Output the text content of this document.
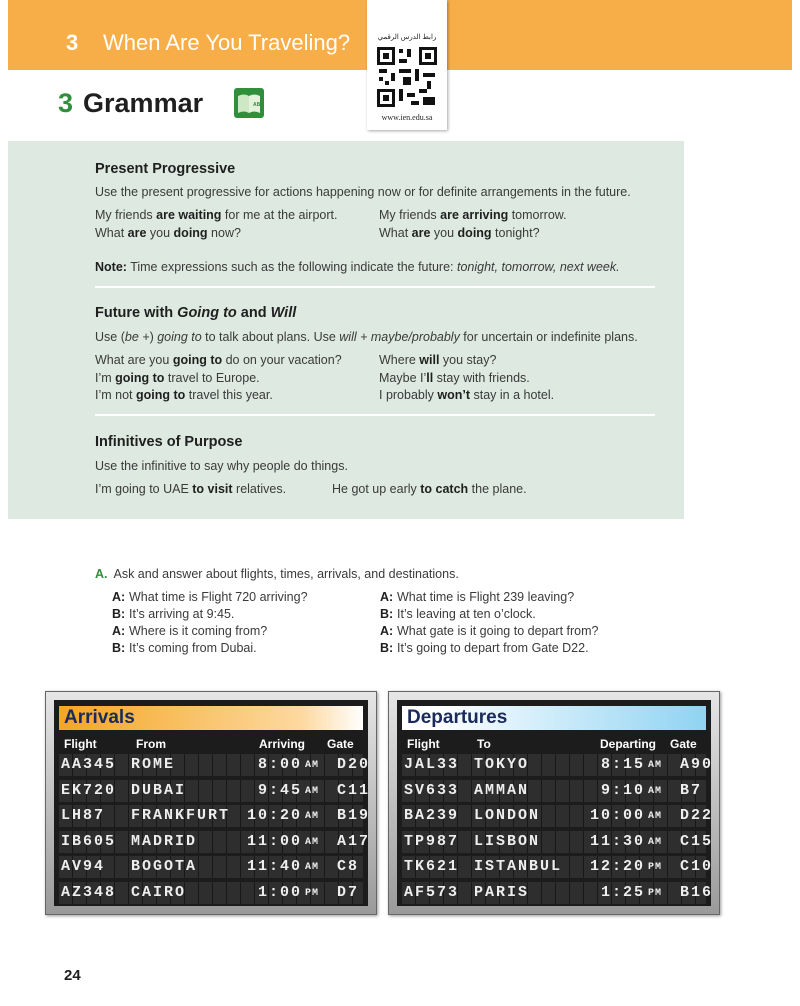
3 When Are You Traveling?	رابط الدرس الرقمي
www.ien.edu.sa
3 Grammar	ABC
Present Progressive
Use the present progressive for actions happening now or for definite arrangements in the future.
My friends are waiting for me at the airport.
What are you doing now?
My friends are arriving tomorrow.
What are you doing tonight?
Note: Time expressions such as the following indicate the future: tonight, tomorrow, next week.
Future with Going to and Will
Use (be +) going to to talk about plans. Use will + maybe/probably for uncertain or indefinite plans.
What are you going to do on your vacation?
I’m going to travel to Europe.
I’m not going to travel this year.
Where will you stay?
Maybe I’ll stay with friends.
I probably won’t stay in a hotel.
Infinitives of Purpose
Use the infinitive to say why people do things.
I’m going to UAE to visit relatives.	He got up early to catch the plane.
A. Ask and answer about flights, times, arrivals, and destinations.
A: What time is Flight 720 arriving?
B: It’s arriving at 9:45.
A: Where is it coming from?
B: It’s coming from Dubai.
A: What time is Flight 239 leaving?
B: It’s leaving at ten o’clock.
A: What gate is it going to depart from?
B: It’s going to depart from Gate D22.
Arrivals
Flight	From	Arriving Gate
AA345 ROME	8:00 AM D20
EK720 DUBAI	9:45 AM C11
LH87 FRANKFURT 10:20 AM B19
IB605 MADRID	11:00 AM A17
AV94 BOGOTA	11:40 AM C8
AZ348 CAIRO	1:00 PM D7
Departures
Flight	To	Departing Gate
JAL33 TOKYO	8:15 AM A90
SV633 AMMAN	9:10 AM B7
BA239 LONDON	10:00 AM D22
TP987 LISBON	11:30 AM C15
TK621 ISTANBUL 12:20 PM C10
AF573 PARIS	1:25 PM B16
24
